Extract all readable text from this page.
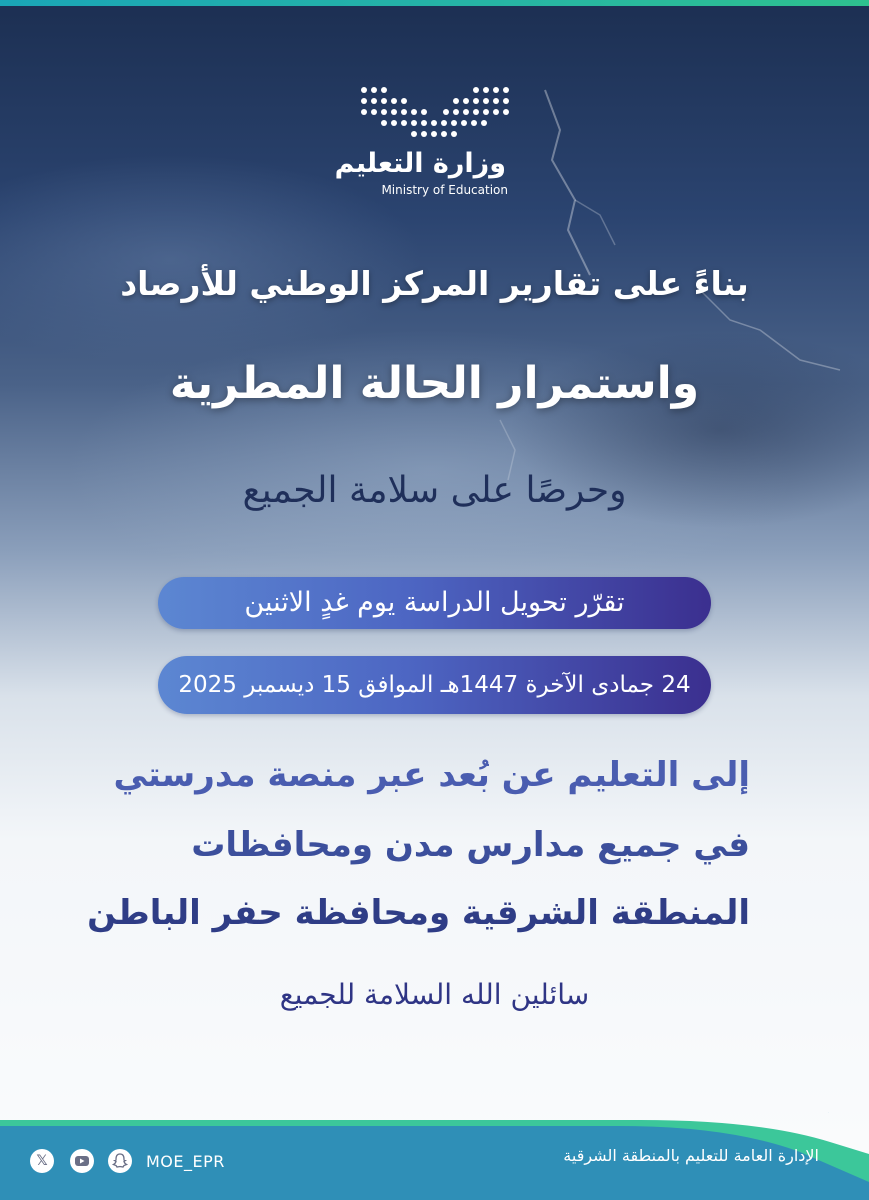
وزارة التعليم
Ministry of Education
بناءً على تقارير المركز الوطني للأرصاد
واستمرار الحالة المطرية
وحرصًا على سلامة الجميع
تقرّر تحويل الدراسة يوم غدٍ الاثنين
24 جمادى الآخرة 1447هـ الموافق 15 ديسمبر 2025
إلى التعليم عن بُعد عبر منصة مدرستي
في جميع مدارس مدن ومحافظات
المنطقة الشرقية ومحافظة حفر الباطن
سائلين الله السلامة للجميع
𝕏	MOE_EPR	الإدارة العامة للتعليم بالمنطقة الشرقية
